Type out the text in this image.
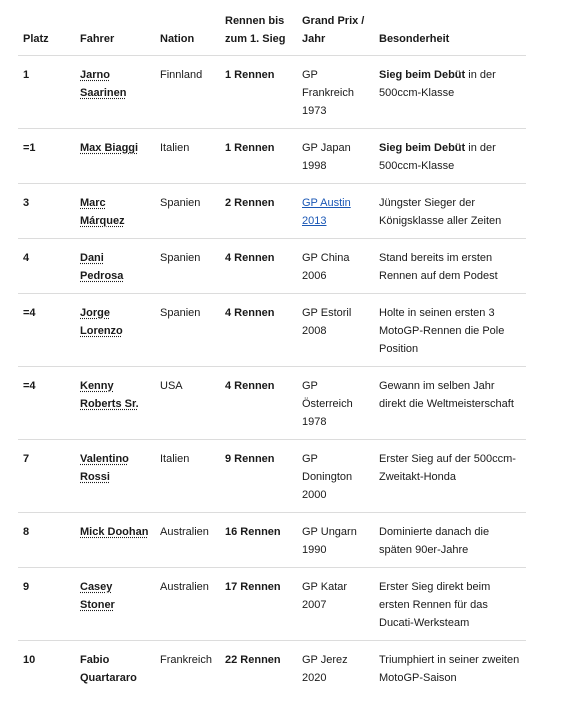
Platz	Fahrer	Nation	Rennen bis zum 1. Sieg	Grand Prix / Jahr	Besonderheit
1	Jarno Saarinen	Finnland	1 Rennen	GP Frankreich 1973	Sieg beim Debüt in der 500ccm-Klasse
=1	Max Biaggi	Italien	1 Rennen	GP Japan 1998	Sieg beim Debüt in der 500ccm-Klasse
3	Marc Márquez	Spanien	2 Rennen	GP Austin 2013	Jüngster Sieger der Königsklasse aller Zeiten
4	Dani Pedrosa	Spanien	4 Rennen	GP China 2006	Stand bereits im ersten Rennen auf dem Podest
=4	Jorge Lorenzo	Spanien	4 Rennen	GP Estoril 2008	Holte in seinen ersten 3 MotoGP-Rennen die Pole Position
=4	Kenny Roberts Sr.	USA	4 Rennen	GP Österreich 1978	Gewann im selben Jahr direkt die Weltmeisterschaft
7	Valentino Rossi	Italien	9 Rennen	GP Donington 2000	Erster Sieg auf der 500ccm-Zweitakt-Honda
8	Mick Doohan	Australien	16 Rennen	GP Ungarn 1990	Dominierte danach die späten 90er-Jahre
9	Casey Stoner	Australien	17 Rennen	GP Katar 2007	Erster Sieg direkt beim ersten Rennen für das Ducati-Werksteam
10	Fabio Quartararo	Frankreich	22 Rennen	GP Jerez 2020	Triumphiert in seiner zweiten MotoGP-Saison
